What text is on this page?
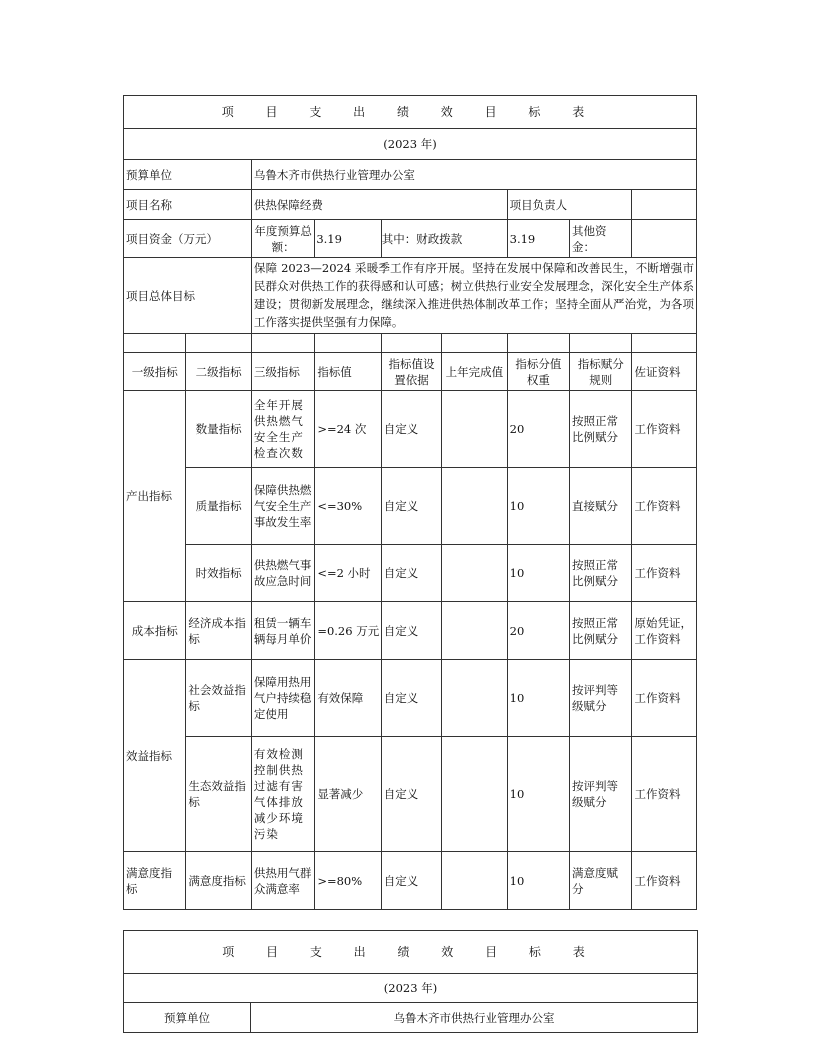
项 目 支 出 绩 效 目 标 表								
(2023 年)								
预算单位		乌鲁木齐市供热行业管理办公室						
项目名称		供热保障经费				项目负责人		
项目资金（万元）		年度预算总额：	3.19	其中：财政拨款		3.19	其他资金：	
项目总体目标		保障 2023—2024 采暖季工作有序开展。坚持在发展中保障和改善民生，不断增强市民群众对供热工作的获得感和认可感；树立供热行业安全发展理念，深化安全生产体系建设；贯彻新发展理念，继续深入推进供热体制改革工作；坚持全面从严治党，为各项工作落实提供坚强有力保障。						

一级指标	二级指标	三级指标	指标值	指标值设置依据	上年完成值	指标分值权重	指标赋分规则	佐证资料
产出指标	数量指标	全年开展供热燃气安全生产检查次数	>=24 次	自定义		20	按照正常比例赋分	工作资料
	质量指标	保障供热燃气安全生产事故发生率	<=30%	自定义		10	直接赋分	工作资料
	时效指标	供热燃气事故应急时间	<=2 小时	自定义		10	按照正常比例赋分	工作资料
成本指标	经济成本指标	租赁一辆车辆每月单价	=0.26 万元	自定义		20	按照正常比例赋分	原始凭证，工作资料
效益指标	社会效益指标	保障用热用气户持续稳定使用	有效保障	自定义		10	按评判等级赋分	工作资料
	生态效益指标	有效检测控制供热过滤有害气体排放减少环境污染	显著减少	自定义		10	按评判等级赋分	工作资料
满意度指标	满意度指标	供热用气群众满意率	>=80%	自定义		10	满意度赋分	工作资料
项 目 支 出 绩 效 目 标 表
(2023 年)
预算单位	乌鲁木齐市供热行业管理办公室
